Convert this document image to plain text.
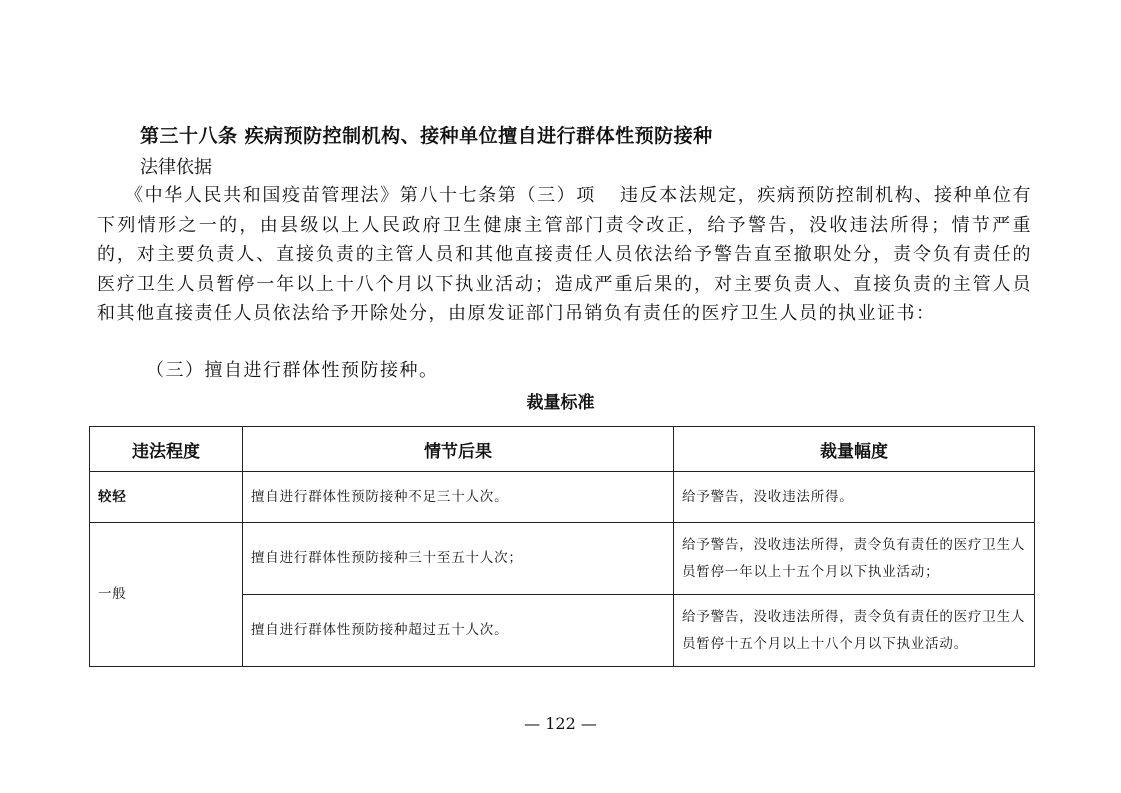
第三十八条 疾病预防控制机构、接种单位擅自进行群体性预防接种
法律依据
《中华人民共和国疫苗管理法》第八十七条第（三）项 违反本法规定，疾病预防控制机构、接种单位有下列情形之一的，由县级以上人民政府卫生健康主管部门责令改正，给予警告，没收违法所得；情节严重的，对主要负责人、直接负责的主管人员和其他直接责任人员依法给予警告直至撤职处分，责令负有责任的医疗卫生人员暂停一年以上十八个月以下执业活动；造成严重后果的，对主要负责人、直接负责的主管人员和其他直接责任人员依法给予开除处分，由原发证部门吊销负有责任的医疗卫生人员的执业证书：
（三）擅自进行群体性预防接种。
裁量标准
违法程度	情节后果	裁量幅度
较轻	擅自进行群体性预防接种不足三十人次。	给予警告，没收违法所得。
一般	擅自进行群体性预防接种三十至五十人次；	给予警告，没收违法所得，责令负有责任的医疗卫生人员暂停一年以上十五个月以下执业活动；
	擅自进行群体性预防接种超过五十人次。	给予警告，没收违法所得，责令负有责任的医疗卫生人员暂停十五个月以上十八个月以下执业活动。
— 122 —
